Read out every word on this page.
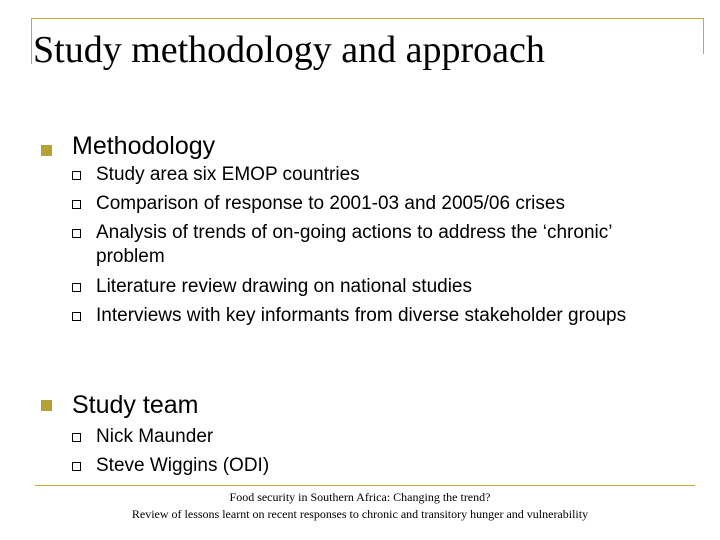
Study methodology and approach
Methodology
Study area six EMOP countries
Comparison of response to 2001-03 and 2005/06 crises
Analysis of trends of on-going actions to address the ‘chronic’ problem
Literature review drawing on national studies
Interviews with key informants from diverse stakeholder groups
Study team
Nick Maunder
Steve Wiggins (ODI)
Food security in Southern Africa: Changing the trend?
Review of lessons learnt on recent responses to chronic and transitory hunger and vulnerability
